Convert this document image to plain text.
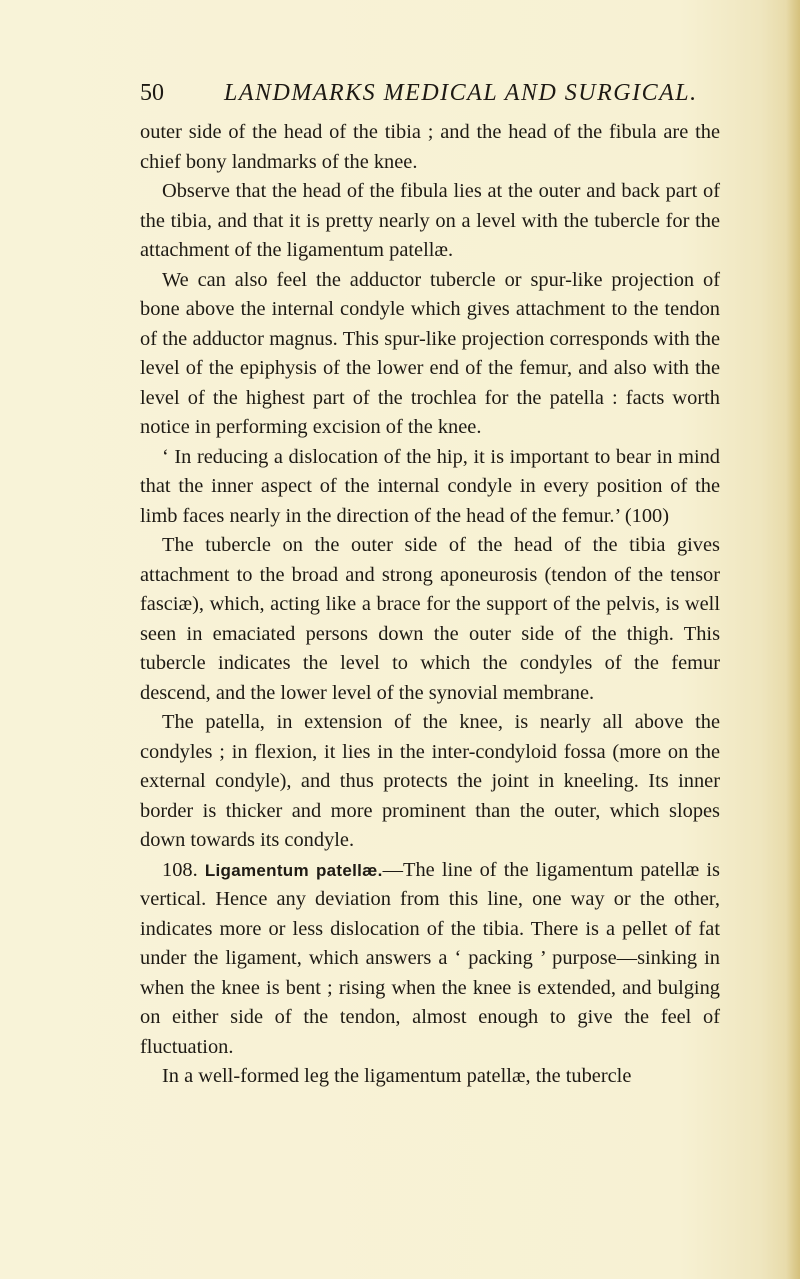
50	LANDMARKS MEDICAL AND SURGICAL.

outer side of the head of the tibia ; and the head of the fibula are the chief bony landmarks of the knee.

Observe that the head of the fibula lies at the outer and back part of the tibia, and that it is pretty nearly on a level with the tubercle for the attachment of the ligamentum patellæ.

We can also feel the adductor tubercle or spur-like projection of bone above the internal condyle which gives attachment to the tendon of the adductor magnus. This spur-like projection corresponds with the level of the epiphysis of the lower end of the femur, and also with the level of the highest part of the trochlea for the patella : facts worth notice in performing excision of the knee.

‘ In reducing a dislocation of the hip, it is important to bear in mind that the inner aspect of the internal condyle in every position of the limb faces nearly in the direction of the head of the femur.’ (100)

The tubercle on the outer side of the head of the tibia gives attachment to the broad and strong aponeurosis (tendon of the tensor fasciæ), which, acting like a brace for the support of the pelvis, is well seen in emaciated persons down the outer side of the thigh. This tubercle indicates the level to which the condyles of the femur descend, and the lower level of the synovial membrane.

The patella, in extension of the knee, is nearly all above the condyles ; in flexion, it lies in the inter-condyloid fossa (more on the external condyle), and thus protects the joint in kneeling. Its inner border is thicker and more prominent than the outer, which slopes down towards its condyle.

108. Ligamentum patellæ.—The line of the ligamentum patellæ is vertical. Hence any deviation from this line, one way or the other, indicates more or less dislocation of the tibia. There is a pellet of fat under the ligament, which answers a ‘ packing ’ purpose—sinking in when the knee is bent ; rising when the knee is extended, and bulging on either side of the tendon, almost enough to give the feel of fluctuation.

In a well-formed leg the ligamentum patellæ, the tubercle
